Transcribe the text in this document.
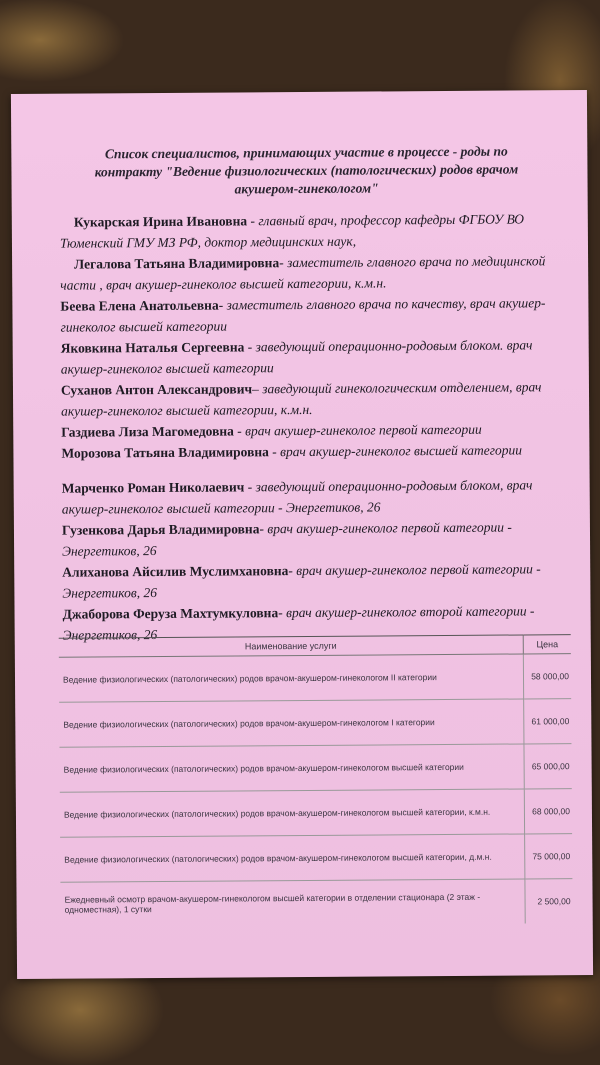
Список специалистов, принимающих участие в процессе - роды по контракту "Ведение физиологических (патологических) родов врачом акушером-гинекологом"
Кукарская Ирина Ивановна - главный врач, профессор кафедры ФГБОУ ВО Тюменский ГМУ МЗ РФ, доктор медицинских наук,
Легалова Татьяна Владимировна- заместитель главного врача по медицинской части , врач акушер-гинеколог высшей категории, к.м.н.
Беева Елена Анатольевна- заместитель главного врача по качеству, врач акушер-гинеколог высшей категории
Яковкина Наталья Сергеевна - заведующий операционно-родовым блоком. врач акушер-гинеколог высшей категории
Суханов Антон Александрович– заведующий гинекологическим отделением, врач акушер-гинеколог высшей категории, к.м.н.
Газдиева Лиза Магомедовна - врач акушер-гинеколог первой категории
Морозова Татьяна Владимировна - врач акушер-гинеколог высшей категории
Марченко Роман Николаевич - заведующий операционно-родовым блоком, врач акушер-гинеколог высшей категории - Энергетиков, 26
Гузенкова Дарья Владимировна- врач акушер-гинеколог первой категории - Энергетиков, 26
Алиханова Айсилив Муслимхановна- врач акушер-гинеколог первой категории - Энергетиков, 26
Джаборова Феруза Махтумкуловна- врач акушер-гинеколог второй категории - Энергетиков, 26
Наименование услуги	Цена
Ведение физиологических (патологических) родов врачом-акушером-гинекологом II категории	58 000,00
Ведение физиологических (патологических) родов врачом-акушером-гинекологом I категории	61 000,00
Ведение физиологических (патологических) родов врачом-акушером-гинекологом высшей категории	65 000,00
Ведение физиологических (патологических) родов врачом-акушером-гинекологом высшей категории, к.м.н.	68 000,00
Ведение физиологических (патологических) родов врачом-акушером-гинекологом высшей категории, д.м.н.	75 000,00
Ежедневный осмотр врачом-акушером-гинекологом высшей категории в отделении стационара (2 этаж - одноместная), 1 сутки	2 500,00
